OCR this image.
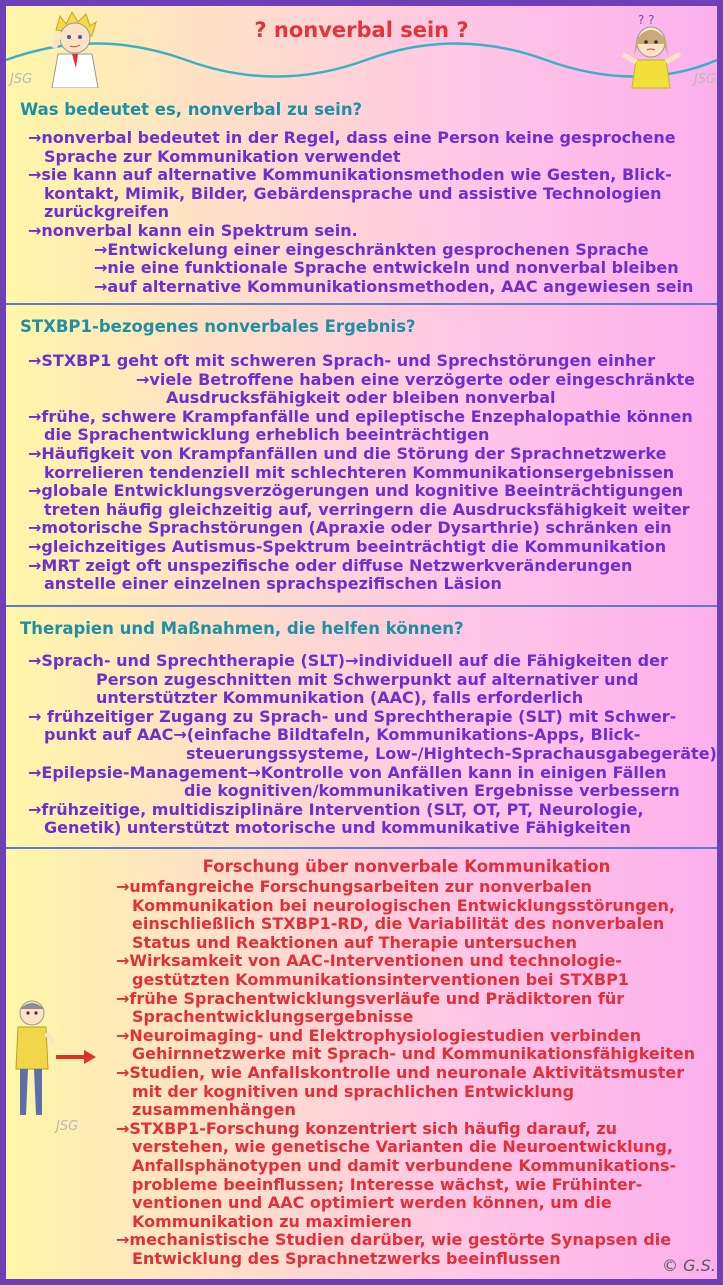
? nonverbal sein ?	? ?
JSG	JSG
Was bedeutet es, nonverbal zu sein?
→nonverbal bedeutet in der Regel, dass eine Person keine gesprochene
Sprache zur Kommunikation verwendet
→sie kann auf alternative Kommunikationsmethoden wie Gesten, Blick-
kontakt, Mimik, Bilder, Gebärdensprache und assistive Technologien
zurückgreifen
→nonverbal kann ein Spektrum sein.
→Entwickelung einer eingeschränkten gesprochenen Sprache
→nie eine funktionale Sprache entwickeln und nonverbal bleiben
→auf alternative Kommunikationsmethoden, AAC angewiesen sein
STXBP1-bezogenes nonverbales Ergebnis?
→STXBP1 geht oft mit schweren Sprach- und Sprechstörungen einher
→viele Betroffene haben eine verzögerte oder eingeschränkte
Ausdrucksfähigkeit oder bleiben nonverbal
→frühe, schwere Krampfanfälle und epileptische Enzephalopathie können
die Sprachentwicklung erheblich beeinträchtigen
→Häufigkeit von Krampfanfällen und die Störung der Sprachnetzwerke
korrelieren tendenziell mit schlechteren Kommunikationsergebnissen
→globale Entwicklungsverzögerungen und kognitive Beeinträchtigungen
treten häufig gleichzeitig auf, verringern die Ausdrucksfähigkeit weiter
→motorische Sprachstörungen (Apraxie oder Dysarthrie) schränken ein
→gleichzeitiges Autismus-Spektrum beeinträchtigt die Kommunikation
→MRT zeigt oft unspezifische oder diffuse Netzwerkveränderungen
anstelle einer einzelnen sprachspezifischen Läsion
Therapien und Maßnahmen, die helfen können?
→Sprach- und Sprechtherapie (SLT)→individuell auf die Fähigkeiten der
Person zugeschnitten mit Schwerpunkt auf alternativer und
unterstützter Kommunikation (AAC), falls erforderlich
→ frühzeitiger Zugang zu Sprach- und Sprechtherapie (SLT) mit Schwer-
punkt auf AAC→(einfache Bildtafeln, Kommunikations-Apps, Blick-
steuerungssysteme, Low-/Hightech-Sprachausgabegeräte)
→Epilepsie-Management→Kontrolle von Anfällen kann in einigen Fällen
die kognitiven/kommunikativen Ergebnisse verbessern
→frühzeitige, multidisziplinäre Intervention (SLT, OT, PT, Neurologie,
Genetik) unterstützt motorische und kommunikative Fähigkeiten
Forschung über nonverbale Kommunikation
→umfangreiche Forschungsarbeiten zur nonverbalen
Kommunikation bei neurologischen Entwicklungsstörungen,
einschließlich STXBP1-RD, die Variabilität des nonverbalen
Status und Reaktionen auf Therapie untersuchen
→Wirksamkeit von AAC-Interventionen und technologie-
gestützten Kommunikationsinterventionen bei STXBP1
→frühe Sprachentwicklungsverläufe und Prädiktoren für
Sprachentwicklungsergebnisse
→Neuroimaging- und Elektrophysiologiestudien verbinden
Gehirnnetzwerke mit Sprach- und Kommunikationsfähigkeiten
→Studien, wie Anfallskontrolle und neuronale Aktivitätsmuster
mit der kognitiven und sprachlichen Entwicklung
zusammenhängen
→STXBP1-Forschung konzentriert sich häufig darauf, zu
verstehen, wie genetische Varianten die Neuroentwicklung,
Anfallsphänotypen und damit verbundene Kommunikations-
probleme beeinflussen; Interesse wächst, wie Frühinter-
ventionen und AAC optimiert werden können, um die
Kommunikation zu maximieren
→mechanistische Studien darüber, wie gestörte Synapsen die
Entwicklung des Sprachnetzwerks beeinflussen
JSG
© G.S.
